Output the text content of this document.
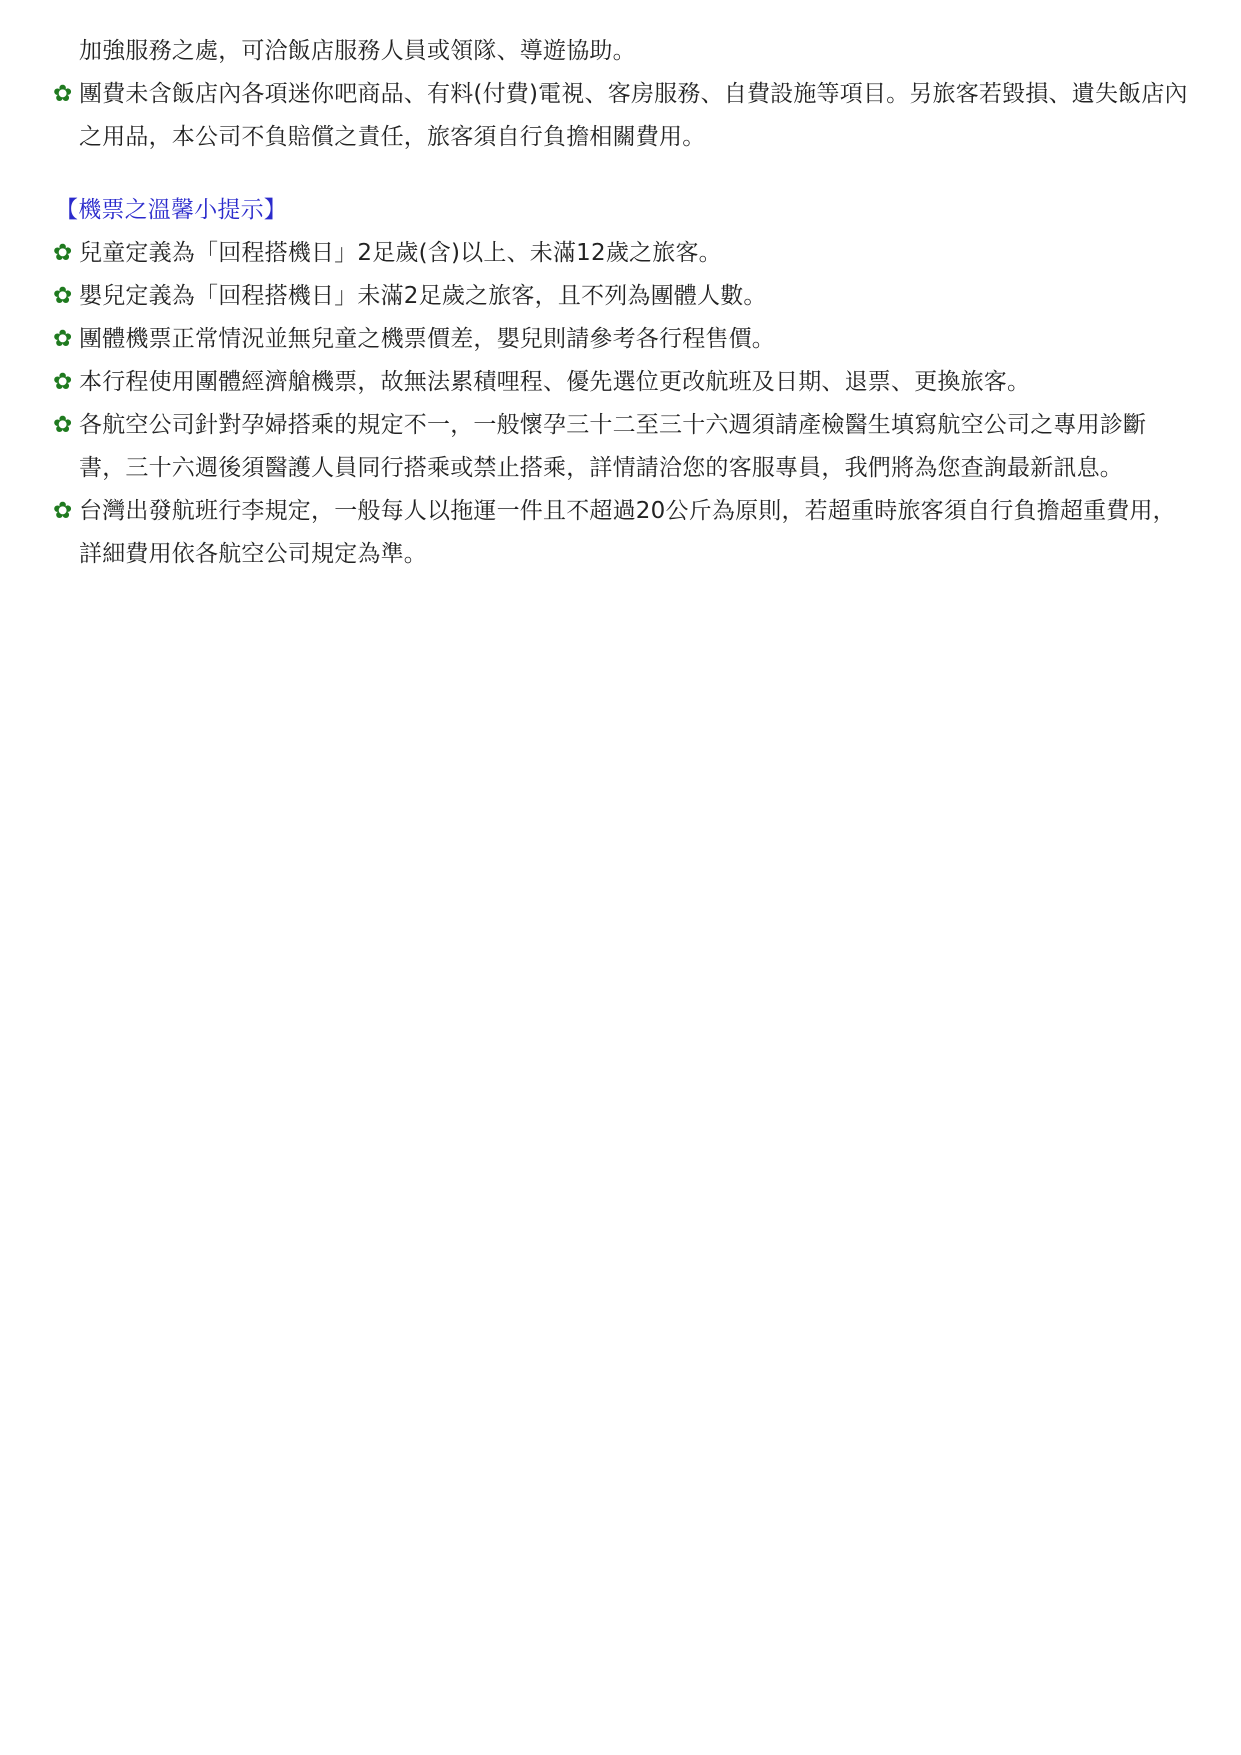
加強服務之處，可洽飯店服務人員或領隊、導遊協助。
✿ 團費未含飯店內各項迷你吧商品、有料(付費)電視、客房服務、自費設施等項目。另旅客若毀損、遺失飯店內之用品，本公司不負賠償之責任，旅客須自行負擔相關費用。
【機票之溫馨小提示】
✿ 兒童定義為「回程搭機日」2足歲(含)以上、未滿12歲之旅客。
✿ 嬰兒定義為「回程搭機日」未滿2足歲之旅客，且不列為團體人數。
✿ 團體機票正常情況並無兒童之機票價差，嬰兒則請參考各行程售價。
✿ 本行程使用團體經濟艙機票，故無法累積哩程、優先選位更改航班及日期、退票、更換旅客。
✿ 各航空公司針對孕婦搭乘的規定不一，一般懷孕三十二至三十六週須請產檢醫生填寫航空公司之專用診斷書，三十六週後須醫護人員同行搭乘或禁止搭乘，詳情請洽您的客服專員，我們將為您查詢最新訊息。
✿ 台灣出發航班行李規定，一般每人以拖運一件且不超過20公斤為原則，若超重時旅客須自行負擔超重費用，詳細費用依各航空公司規定為準。
